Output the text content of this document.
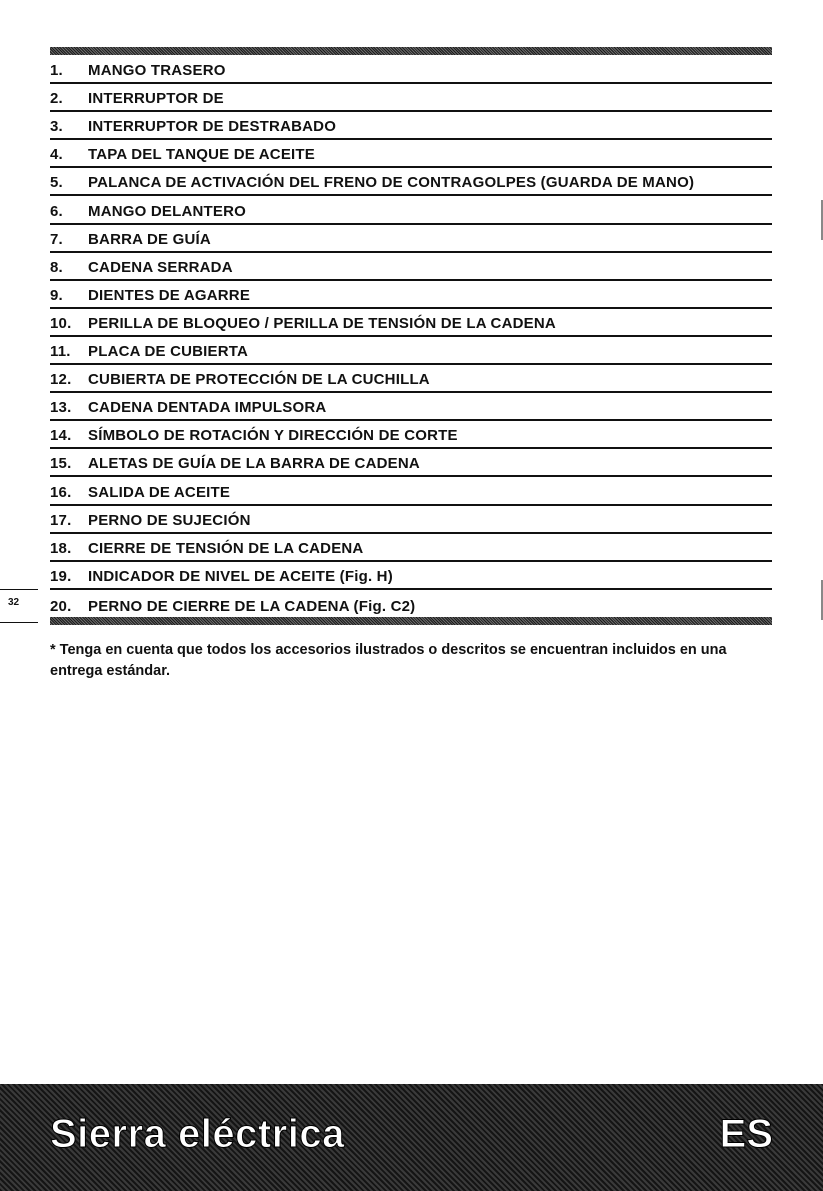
1.	MANGO TRASERO
2.	INTERRUPTOR DE
3.	INTERRUPTOR DE DESTRABADO
4.	TAPA DEL TANQUE DE ACEITE
5.	PALANCA DE ACTIVACIÓN DEL FRENO DE CONTRAGOLPES (GUARDA DE MANO)
6.	MANGO DELANTERO
7.	BARRA DE GUÍA
8.	CADENA SERRADA
9.	DIENTES DE AGARRE
10.	PERILLA DE BLOQUEO / PERILLA DE TENSIÓN DE LA CADENA
11.	PLACA DE CUBIERTA
12.	CUBIERTA DE PROTECCIÓN DE LA CUCHILLA
13.	CADENA DENTADA IMPULSORA
14.	SÍMBOLO DE ROTACIÓN Y DIRECCIÓN DE CORTE
15.	ALETAS DE GUÍA DE LA BARRA DE CADENA
16.	SALIDA DE ACEITE
17.	PERNO DE SUJECIÓN
18.	CIERRE DE TENSIÓN DE LA CADENA
19.	INDICADOR DE NIVEL DE ACEITE (Fig. H)
20.	PERNO DE CIERRE DE LA CADENA (Fig. C2)
32

* Tenga en cuenta que todos los accesorios ilustrados o descritos se encuentran incluidos en una entrega estándar.

Sierra eléctrica	ES
